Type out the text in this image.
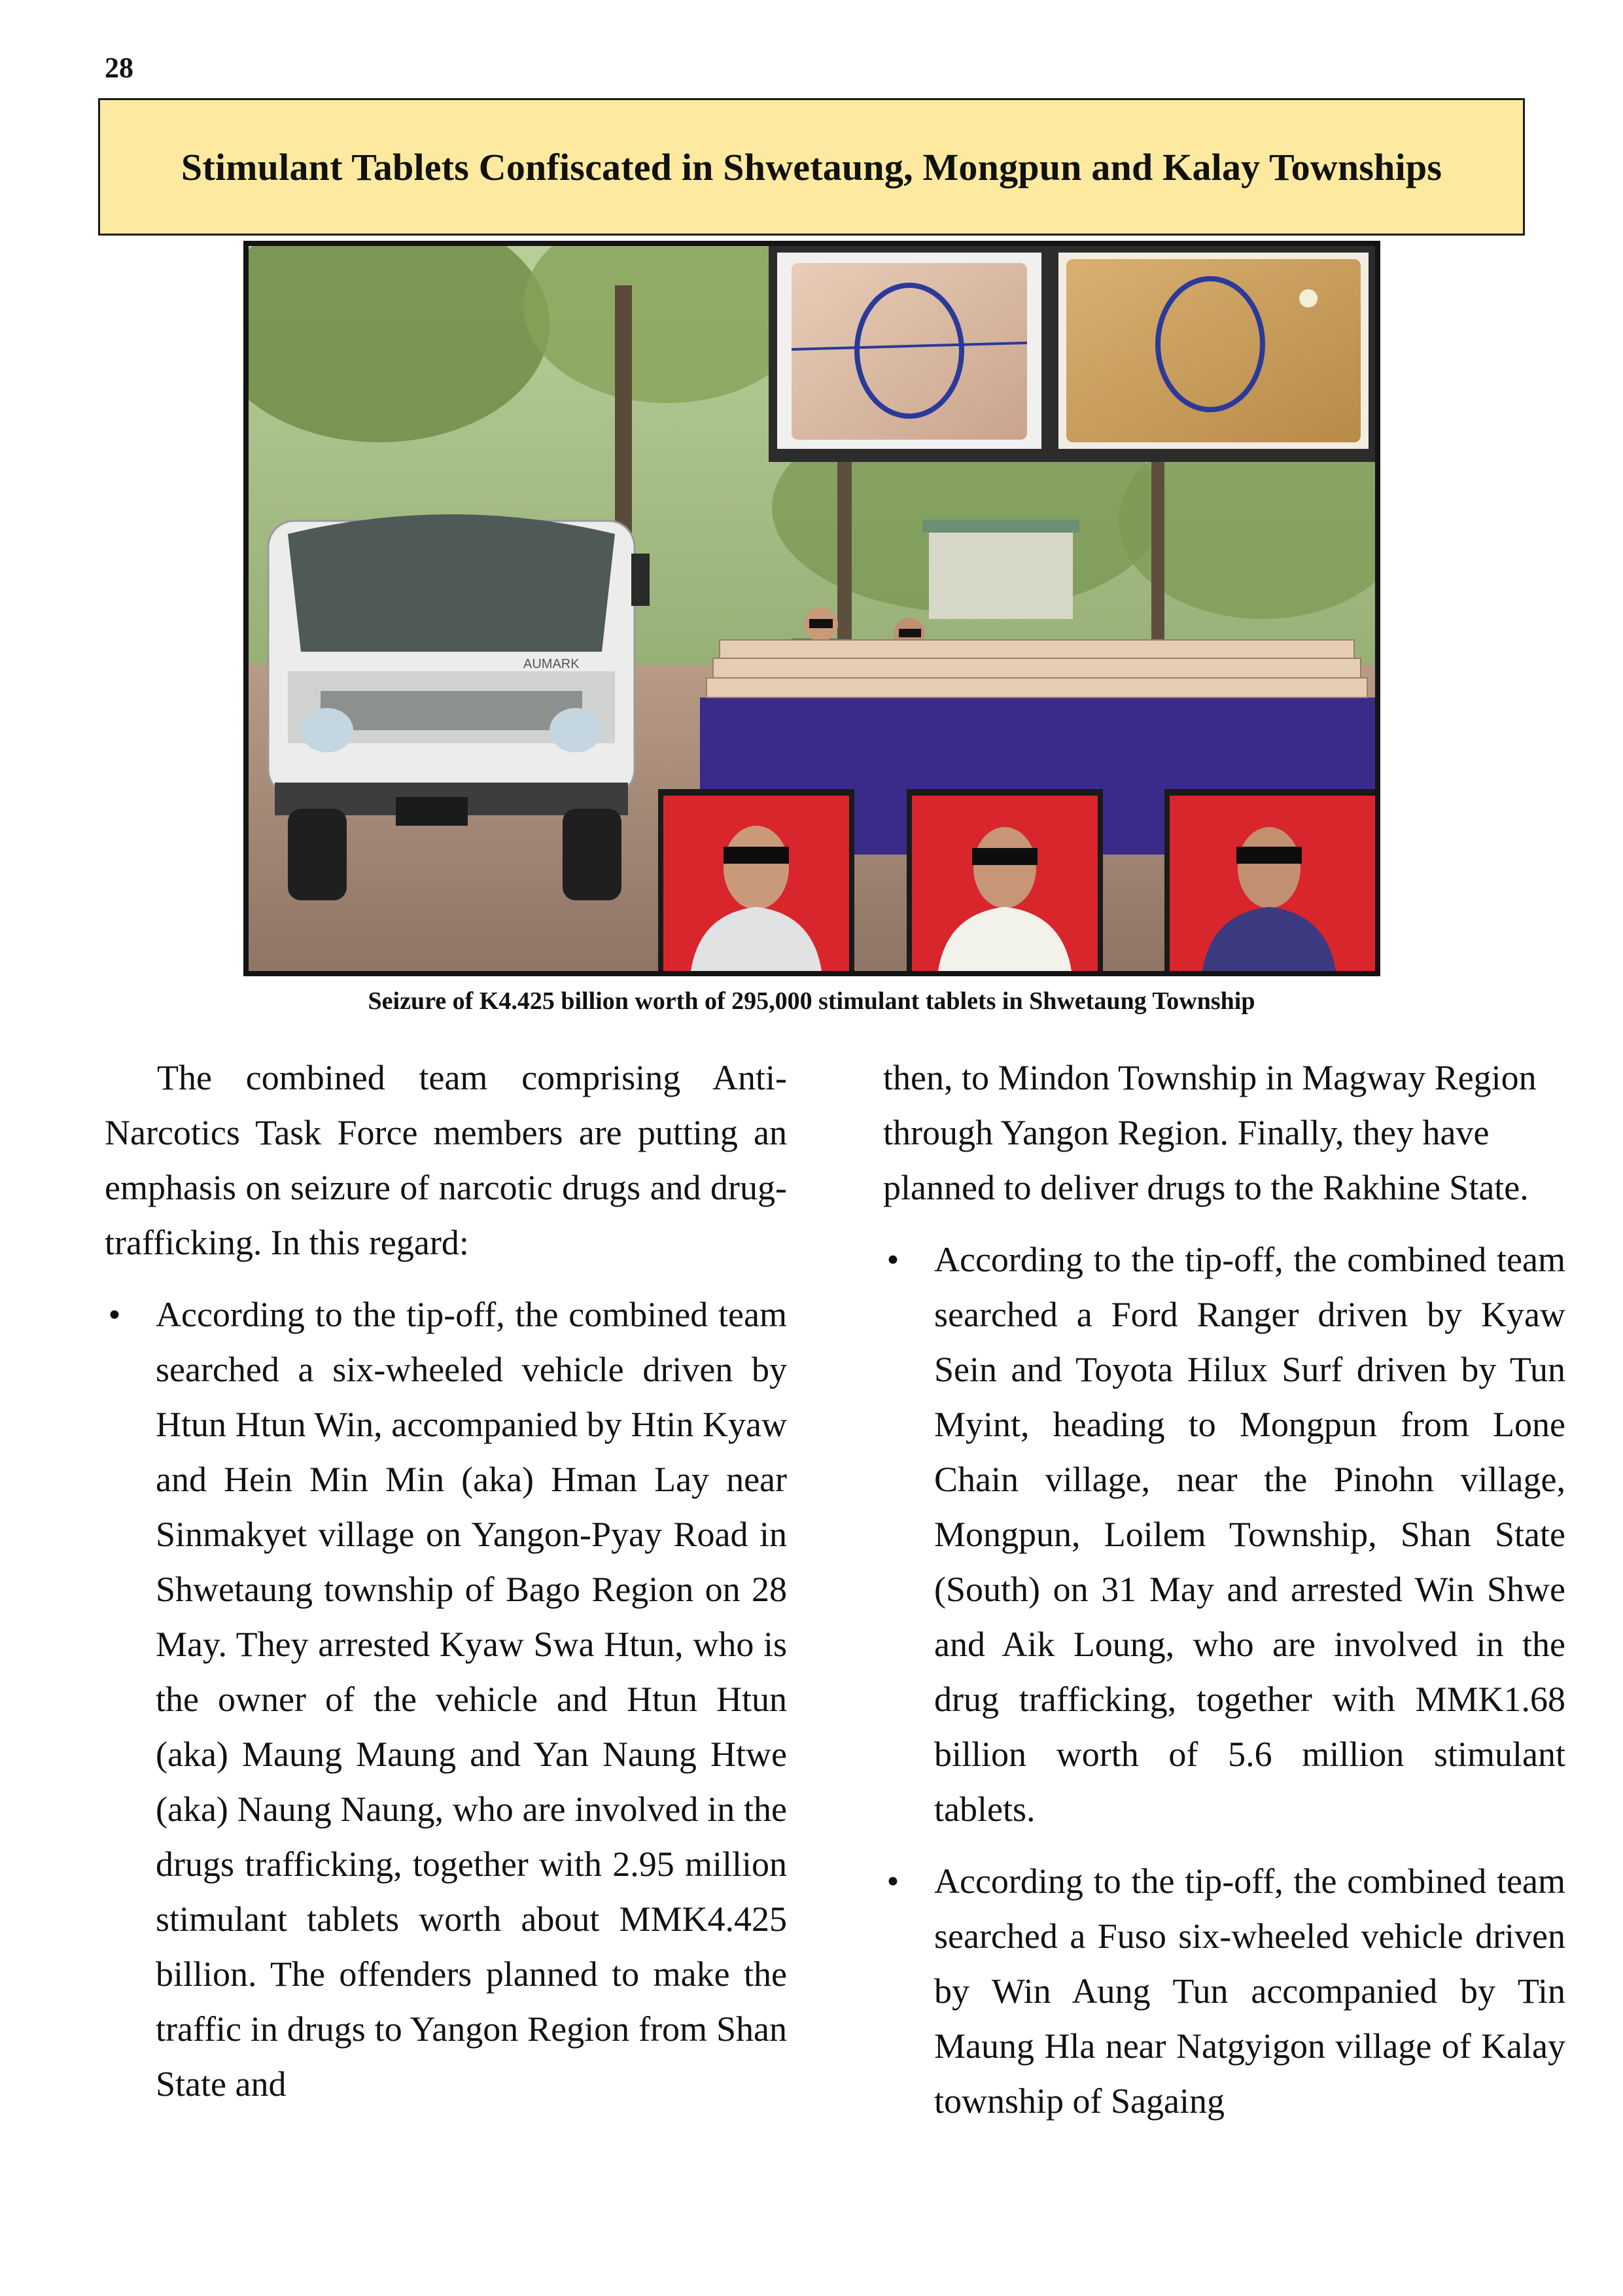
28
Stimulant Tablets Confiscated in Shwetaung, Mongpun and Kalay Townships
AUMARK
Seizure of K4.425 billion worth of 295,000 stimulant tablets in Shwetaung Township

The combined team comprising Anti-Narcotics Task Force members are putting an emphasis on seizure of narcotic drugs and drug-trafficking. In this regard:

• According to the tip-off, the combined team searched a six-wheeled vehicle driven by Htun Htun Win, accompanied by Htin Kyaw and Hein Min Min (aka) Hman Lay near Sinmakyet village on Yangon-Pyay Road in Shwetaung township of Bago Region on 28 May. They arrested Kyaw Swa Htun, who is the owner of the vehicle and Htun Htun (aka) Maung Maung and Yan Naung Htwe (aka) Naung Naung, who are involved in the drugs trafficking, together with 2.95 million stimulant tablets worth about MMK4.425 billion. The offenders planned to make the traffic in drugs to Yangon Region from Shan State and

then, to Mindon Township in Magway Region through Yangon Region. Finally, they have planned to deliver drugs to the Rakhine State.

• According to the tip-off, the combined team searched a Ford Ranger driven by Kyaw Sein and Toyota Hilux Surf driven by Tun Myint, heading to Mongpun from Lone Chain village, near the Pinohn village, Mongpun, Loilem Township, Shan State (South) on 31 May and arrested Win Shwe and Aik Loung, who are involved in the drug trafficking, together with MMK1.68 billion worth of 5.6 million stimulant tablets.

• According to the tip-off, the combined team searched a Fuso six-wheeled vehicle driven by Win Aung Tun accompanied by Tin Maung Hla near Natgyigon village of Kalay township of Sagaing
